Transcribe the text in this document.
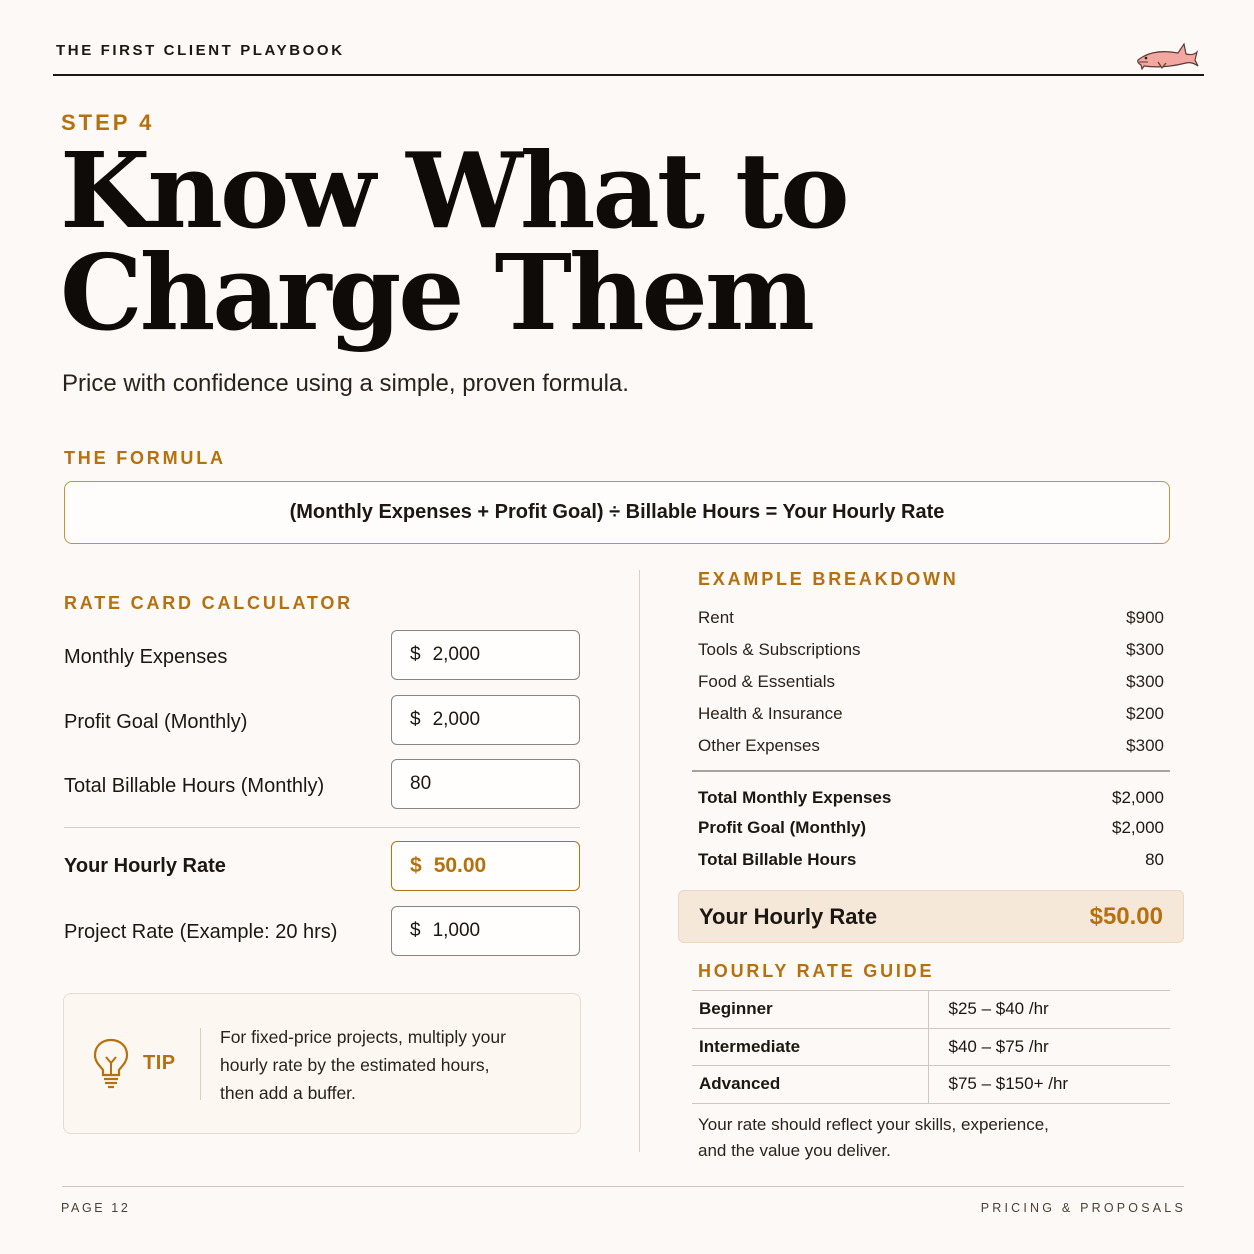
THE FIRST CLIENT PLAYBOOK
STEP 4
Know What to
Charge Them
Price with confidence using a simple, proven formula.
THE FORMULA
(Monthly Expenses + Profit Goal) ÷ Billable Hours = Your Hourly Rate
RATE CARD CALCULATOR
Monthly Expenses	$ 2,000
Profit Goal (Monthly)	$ 2,000
Total Billable Hours (Monthly)	80
Your Hourly Rate	$ 50.00
Project Rate (Example: 20 hrs)	$ 1,000
TIP
For fixed-price projects, multiply your
hourly rate by the estimated hours,
then add a buffer.
EXAMPLE BREAKDOWN
Rent	$900
Tools & Subscriptions	$300
Food & Essentials	$300
Health & Insurance	$200
Other Expenses	$300
Total Monthly Expenses	$2,000
Profit Goal (Monthly)	$2,000
Total Billable Hours	80
Your Hourly Rate	$50.00
HOURLY RATE GUIDE
Beginner	$25 – $40 /hr
Intermediate	$40 – $75 /hr
Advanced	$75 – $150+ /hr
Your rate should reflect your skills, experience,
and the value you deliver.
PAGE 12	PRICING & PROPOSALS
